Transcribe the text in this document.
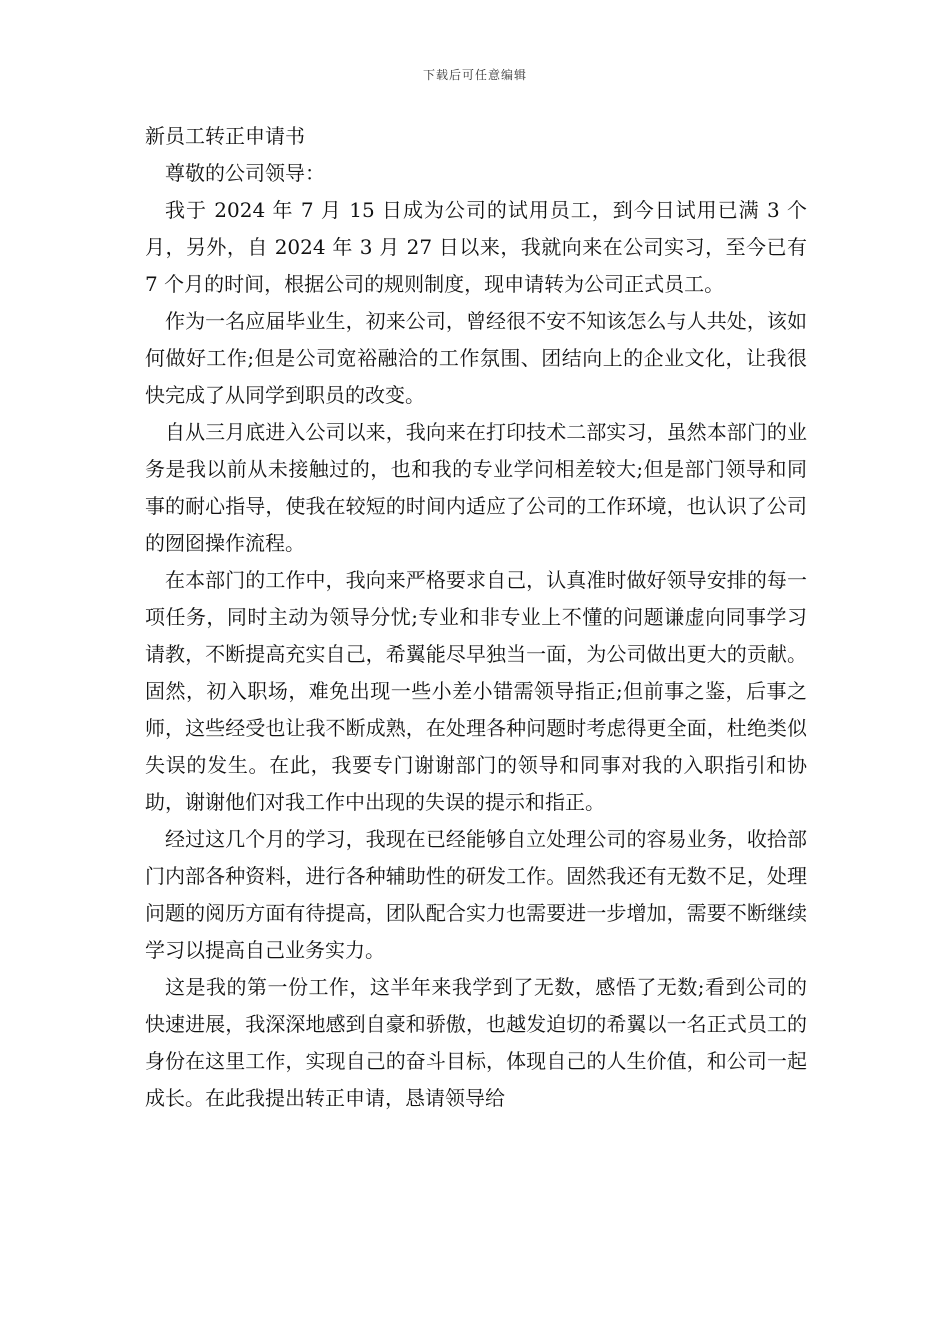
下载后可任意编辑

新员工转正申请书

尊敬的公司领导：

我于 2024 年 7 月 15 日成为公司的试用员工，到今日试用已满 3 个月，另外，自 2024 年 3 月 27 日以来，我就向来在公司实习，至今已有 7 个月的时间，根据公司的规则制度，现申请转为公司正式员工。

作为一名应届毕业生，初来公司，曾经很不安不知该怎么与人共处，该如何做好工作;但是公司宽裕融洽的工作氛围、团结向上的企业文化，让我很快完成了从同学到职员的改变。

自从三月底进入公司以来，我向来在打印技术二部实习，虽然本部门的业务是我以前从未接触过的，也和我的专业学问相差较大;但是部门领导和同事的耐心指导，使我在较短的时间内适应了公司的工作环境，也认识了公司的囫囵操作流程。

在本部门的工作中，我向来严格要求自己，认真准时做好领导安排的每一项任务，同时主动为领导分忧;专业和非专业上不懂的问题谦虚向同事学习请教，不断提高充实自己，希翼能尽早独当一面，为公司做出更大的贡献。固然，初入职场，难免出现一些小差小错需领导指正;但前事之鉴，后事之师，这些经受也让我不断成熟，在处理各种问题时考虑得更全面，杜绝类似失误的发生。在此，我要专门谢谢部门的领导和同事对我的入职指引和协助，谢谢他们对我工作中出现的失误的提示和指正。

经过这几个月的学习，我现在已经能够自立处理公司的容易业务，收拾部门内部各种资料，进行各种辅助性的研发工作。固然我还有无数不足，处理问题的阅历方面有待提高，团队配合实力也需要进一步增加，需要不断继续学习以提高自己业务实力。

这是我的第一份工作，这半年来我学到了无数，感悟了无数;看到公司的快速进展，我深深地感到自豪和骄傲，也越发迫切的希翼以一名正式员工的身份在这里工作，实现自己的奋斗目标，体现自己的人生价值，和公司一起成长。在此我提出转正申请，恳请领导给
